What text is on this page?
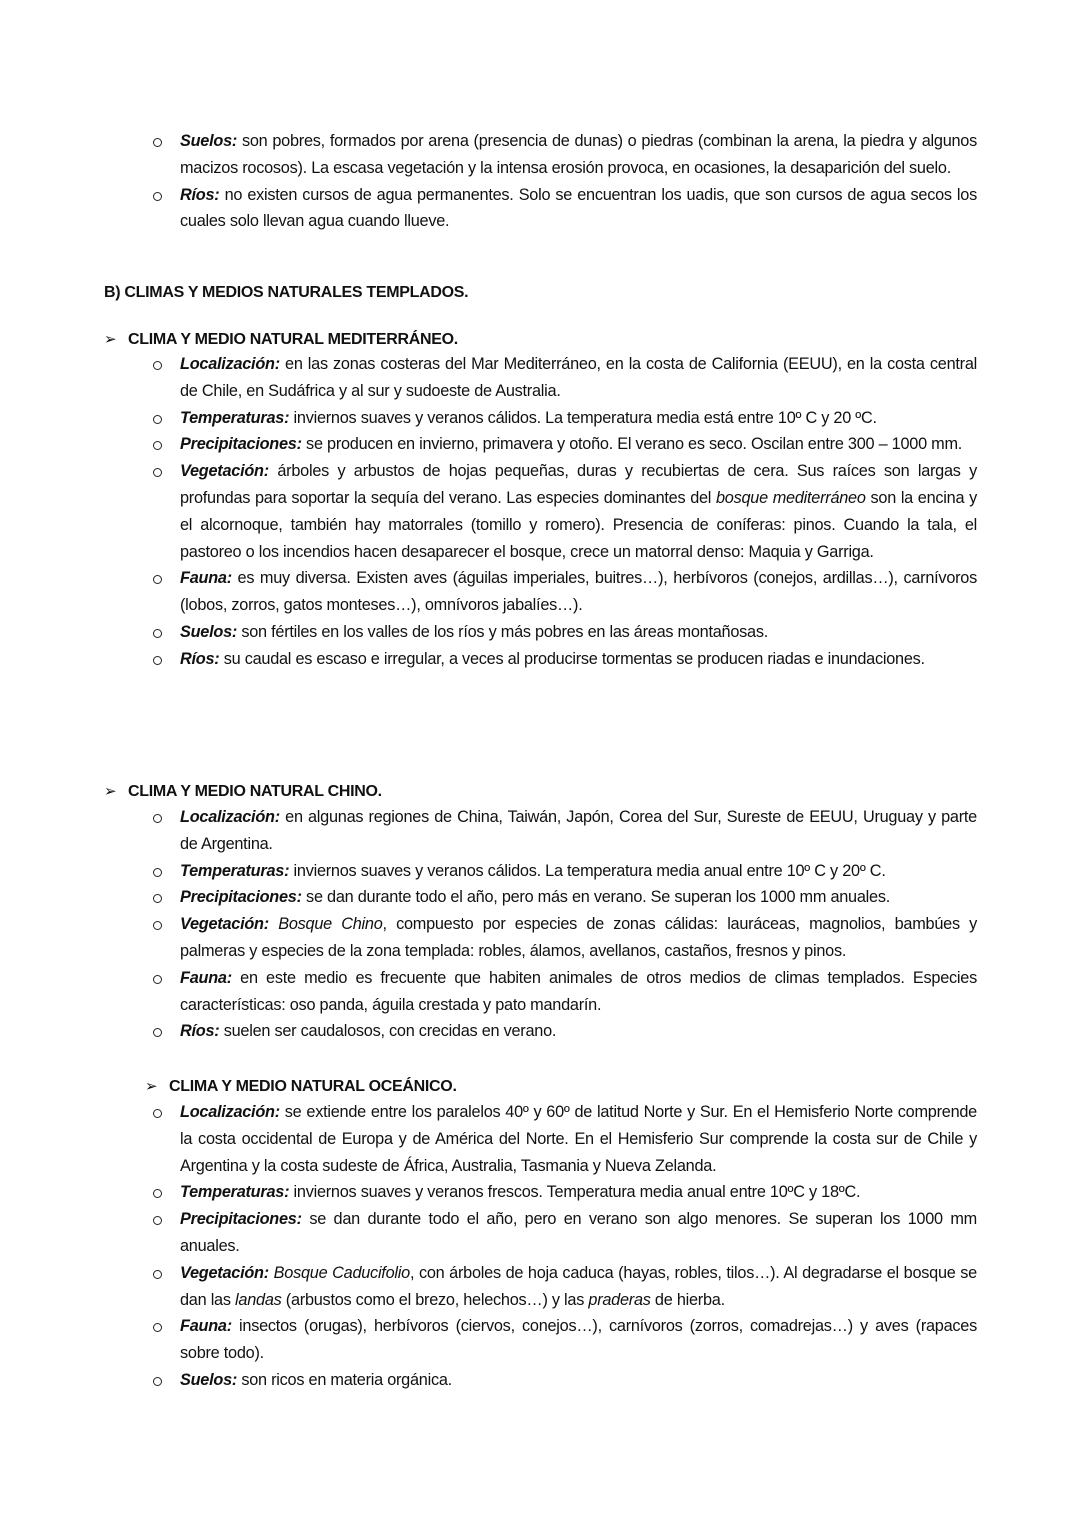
Suelos: son pobres, formados por arena (presencia de dunas) o piedras (combinan la arena, la piedra y algunos macizos rocosos). La escasa vegetación y la intensa erosión provoca, en ocasiones, la desaparición del suelo.
Ríos: no existen cursos de agua permanentes. Solo se encuentran los uadis, que son cursos de agua secos los cuales solo llevan agua cuando llueve.
B) CLIMAS Y MEDIOS NATURALES TEMPLADOS.
➢ CLIMA Y MEDIO NATURAL MEDITERRÁNEO.
Localización: en las zonas costeras del Mar Mediterráneo, en la costa de California (EEUU), en la costa central de Chile, en Sudáfrica y al sur y sudoeste de Australia.
Temperaturas: inviernos suaves y veranos cálidos. La temperatura media está entre 10º C y 20 ºC.
Precipitaciones: se producen en invierno, primavera y otoño. El verano es seco. Oscilan entre 300 – 1000 mm.
Vegetación: árboles y arbustos de hojas pequeñas, duras y recubiertas de cera. Sus raíces son largas y profundas para soportar la sequía del verano. Las especies dominantes del bosque mediterráneo son la encina y el alcornoque, también hay matorrales (tomillo y romero). Presencia de coníferas: pinos. Cuando la tala, el pastoreo o los incendios hacen desaparecer el bosque, crece un matorral denso: Maquia y Garriga.
Fauna: es muy diversa. Existen aves (águilas imperiales, buitres…), herbívoros (conejos, ardillas…), carnívoros (lobos, zorros, gatos monteses…), omnívoros jabalíes…).
Suelos: son fértiles en los valles de los ríos y más pobres en las áreas montañosas.
Ríos: su caudal es escaso e irregular, a veces al producirse tormentas se producen riadas e inundaciones.
➢ CLIMA Y MEDIO NATURAL CHINO.
Localización: en algunas regiones de China, Taiwán, Japón, Corea del Sur, Sureste de EEUU, Uruguay y parte de Argentina.
Temperaturas: inviernos suaves y veranos cálidos. La temperatura media anual entre 10º C y 20º C.
Precipitaciones: se dan durante todo el año, pero más en verano. Se superan los 1000 mm anuales.
Vegetación: Bosque Chino, compuesto por especies de zonas cálidas: lauráceas, magnolios, bambúes y palmeras y especies de la zona templada: robles, álamos, avellanos, castaños, fresnos y pinos.
Fauna: en este medio es frecuente que habiten animales de otros medios de climas templados. Especies características: oso panda, águila crestada y pato mandarín.
Ríos: suelen ser caudalosos, con crecidas en verano.
➢ CLIMA Y MEDIO NATURAL OCEÁNICO.
Localización: se extiende entre los paralelos 40º y 60º de latitud Norte y Sur. En el Hemisferio Norte comprende la costa occidental de Europa y de América del Norte. En el Hemisferio Sur comprende la costa sur de Chile y Argentina y la costa sudeste de África, Australia, Tasmania y Nueva Zelanda.
Temperaturas: inviernos suaves y veranos frescos. Temperatura media anual entre 10ºC y 18ºC.
Precipitaciones: se dan durante todo el año, pero en verano son algo menores. Se superan los 1000 mm anuales.
Vegetación: Bosque Caducifolio, con árboles de hoja caduca (hayas, robles, tilos…). Al degradarse el bosque se dan las landas (arbustos como el brezo, helechos…) y las praderas de hierba.
Fauna: insectos (orugas), herbívoros (ciervos, conejos…), carnívoros (zorros, comadrejas…) y aves (rapaces sobre todo).
Suelos: son ricos en materia orgánica.
